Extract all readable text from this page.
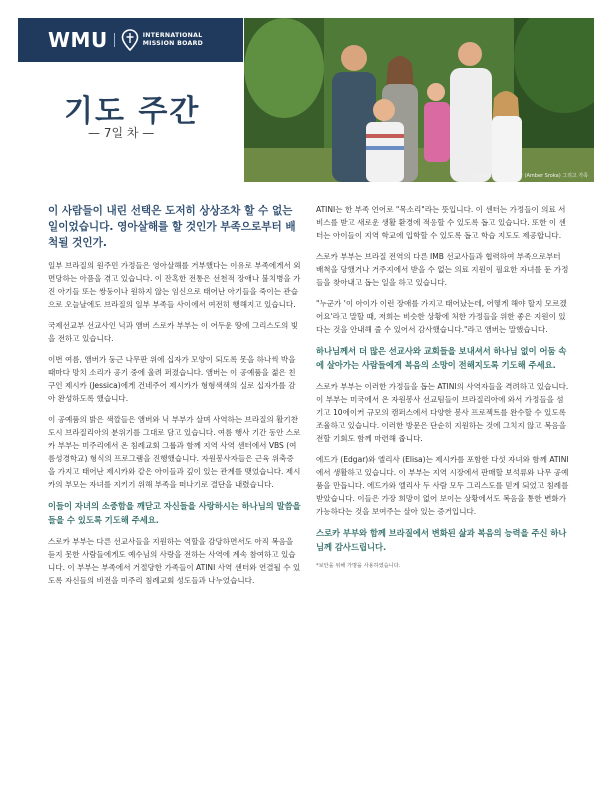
WMU	INTERNATIONAL
MISSION BOARD
기도 주간
— 7일 차 —
닉 (Nick)과 앰버 스로카 (Amber Sroka) 그리고 가족

이 사람들이 내린 선택은 도저히 상상조차 할 수 없는 일이었습니다. 영아살해를 할 것인가 부족으로부터 배척될 것인가.

일부 브라질의 원주민 가정들은 영아살해를 거부했다는 이유로 부족에게서 외면당하는 아픔을 겪고 있습니다. 이 잔혹한 전통은 선천적 장애나 불치병을 가진 아기들 또는 쌍둥이나 원하지 않는 임신으로 태어난 아기들을 죽이는 관습으로 오늘날에도 브라질의 일부 부족들 사이에서 여전히 행해지고 있습니다.

국제선교부 선교사인 닉과 앰버 스로카 부부는 이 어두운 땅에 그리스도의 빛을 전하고 있습니다.

이번 여름, 앰버가 둥근 나무판 위에 십자가 모양이 되도록 못을 하나씩 박을 때마다 망치 소리가 공기 중에 울려 퍼졌습니다. 앰버는 이 공예품을 젊은 친구인 제시카 (Jessica)에게 건네주어 제시카가 형형색색의 실로 십자가를 감아 완성하도록 했습니다.

이 공예품의 밝은 색깔들은 앰버와 닉 부부가 살며 사역하는 브라질의 활기찬 도시 브라질리아의 분위기를 그대로 담고 있습니다. 여름 행사 기간 동안 스로카 부부는 미주리에서 온 침례교회 그룹과 함께 지역 사역 센터에서 VBS (여름성경학교) 형식의 프로그램을 진행했습니다. 자원봉사자들은 근육 위축증을 가지고 태어난 제시카와 같은 아이들과 깊이 있는 관계를 맺었습니다. 제시카의 부모는 자녀를 지키기 위해 부족을 떠나기로 결단을 내렸습니다.

이들이 자녀의 소중함을 깨닫고 자신들을 사랑하시는 하나님의 말씀을 들을 수 있도록 기도해 주세요.

스로카 부부는 다른 선교사들을 지원하는 역할을 감당하면서도 아직 복음을 듣지 못한 사람들에게도 예수님의 사랑을 전하는 사역에 계속 참여하고 있습니다. 이 부부는 부족에서 거절당한 가족들이 ATINI 사역 센터와 연결될 수 있도록 자신들의 비전을 미주리 침례교회 성도들과 나누었습니다.

ATINI는 한 부족 언어로 "목소리"라는 뜻입니다. 이 센터는 가정들이 의료 서비스를 받고 새로운 생활 환경에 적응할 수 있도록 돕고 있습니다. 또한 이 센터는 아이들이 지역 학교에 입학할 수 있도록 돕고 학습 지도도 제공합니다.

스로카 부부는 브라질 전역의 다른 IMB 선교사들과 협력하여 부족으로부터 배척을 당했거나 거주지에서 받을 수 없는 의료 지원이 필요한 자녀를 둔 가정들을 찾아내고 돕는 일을 하고 있습니다.

"누군가 '이 아이가 이런 장애를 가지고 태어났는데, 어떻게 해야 할지 모르겠어요'라고 말할 때, 저희는 비슷한 상황에 처한 가정들을 위한 좋은 지원이 있다는 것을 안내해 줄 수 있어서 감사했습니다."라고 앰버는 말했습니다.

하나님께서 더 많은 선교사와 교회들을 보내셔서 하나님 없이 어둠 속에 살아가는 사람들에게 복음의 소망이 전해지도록 기도해 주세요.

스로카 부부는 이러한 가정들을 돕는 ATINI의 사역자들을 격려하고 있습니다. 이 부부는 미국에서 온 자원봉사 선교팀들이 브라질리아에 와서 가정들을 섬기고 10에이커 규모의 캠퍼스에서 다양한 봉사 프로젝트를 완수할 수 있도록 조율하고 있습니다. 이러한 방문은 단순히 지원하는 것에 그치지 않고 복음을 전할 기회도 함께 마련해 줍니다.

에드가 (Edgar)와 엘리사 (Elisa)는 제시카를 포함한 다섯 자녀와 함께 ATINI에서 생활하고 있습니다. 이 부부는 지역 시장에서 판매할 보석류와 나무 공예품을 만듭니다. 에드가와 엘리사 두 사람 모두 그리스도를 믿게 되었고 침례를 받았습니다. 이들은 가장 희망이 없어 보이는 상황에서도 복음을 통한 변화가 가능하다는 것을 보여주는 살아 있는 증거입니다.

스로카 부부와 함께 브라질에서 변화된 삶과 복음의 능력을 주신 하나님께 감사드립니다.

*보안을 위해 가명을 사용하였습니다.
